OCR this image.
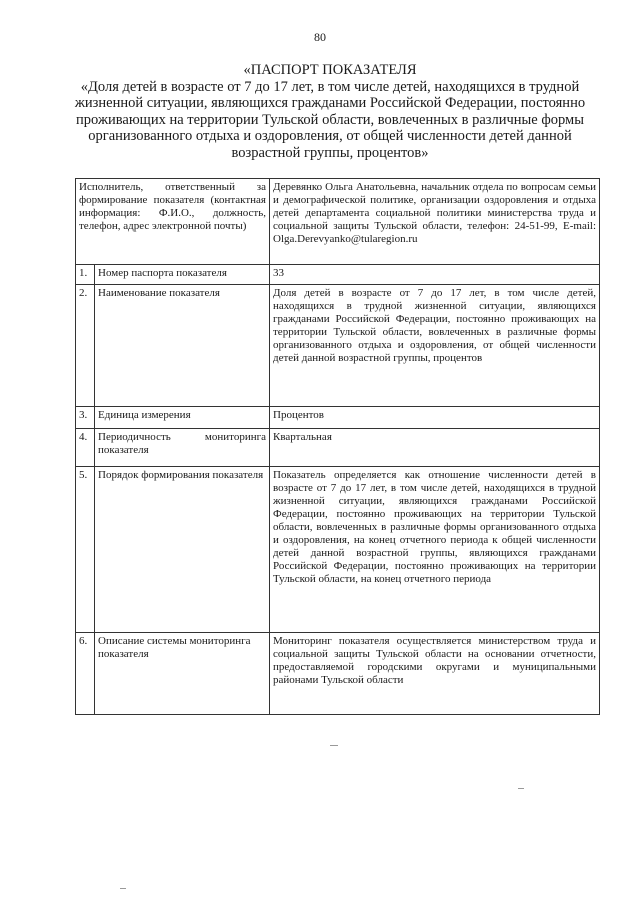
80
«ПАСПОРТ ПОКАЗАТЕЛЯ
«Доля детей в возрасте от 7 до 17 лет, в том числе детей, находящихся в трудной жизненной ситуации, являющихся гражданами Российской Федерации, постоянно проживающих на территории Тульской области, вовлеченных в различные формы организованного отдыха и оздоровления, от общей численности детей данной возрастной группы, процентов»
Исполнитель, ответственный за формирование показателя (контактная информация: Ф.И.О., должность, телефон, адрес электронной почты)		Деревянко Ольга Анатольевна, начальник отдела по вопросам семьи и демографической политике, организации оздоровления и отдыха детей департамента социальной политики министерства труда и социальной защиты Тульской области, телефон: 24-51-99, E-mail: Olga.Derevyanko@tularegion.ru
1.	Номер паспорта показателя	33
2.	Наименование показателя	Доля детей в возрасте от 7 до 17 лет, в том числе детей, находящихся в трудной жизненной ситуации, являющихся гражданами Российской Федерации, постоянно проживающих на территории Тульской области, вовлеченных в различные формы организованного отдыха и оздоровления, от общей численности детей данной возрастной группы, процентов
3.	Единица измерения	Процентов
4.	Периодичность мониторинга показателя	Квартальная
5.	Порядок формирования показателя	Показатель определяется как отношение численности детей в возрасте от 7 до 17 лет, в том числе детей, находящихся в трудной жизненной ситуации, являющихся гражданами Российской Федерации, постоянно проживающих на территории Тульской области, вовлеченных в различные формы организованного отдыха и оздоровления, на конец отчетного периода к общей численности детей данной возрастной группы, являющихся гражданами Российской Федерации, постоянно проживающих на территории Тульской области, на конец отчетного периода
6.	Описание системы мониторинга показателя	Мониторинг показателя осуществляется министерством труда и социальной защиты Тульской области на основании отчетности, предоставляемой городскими округами и муниципальными районами Тульской области
